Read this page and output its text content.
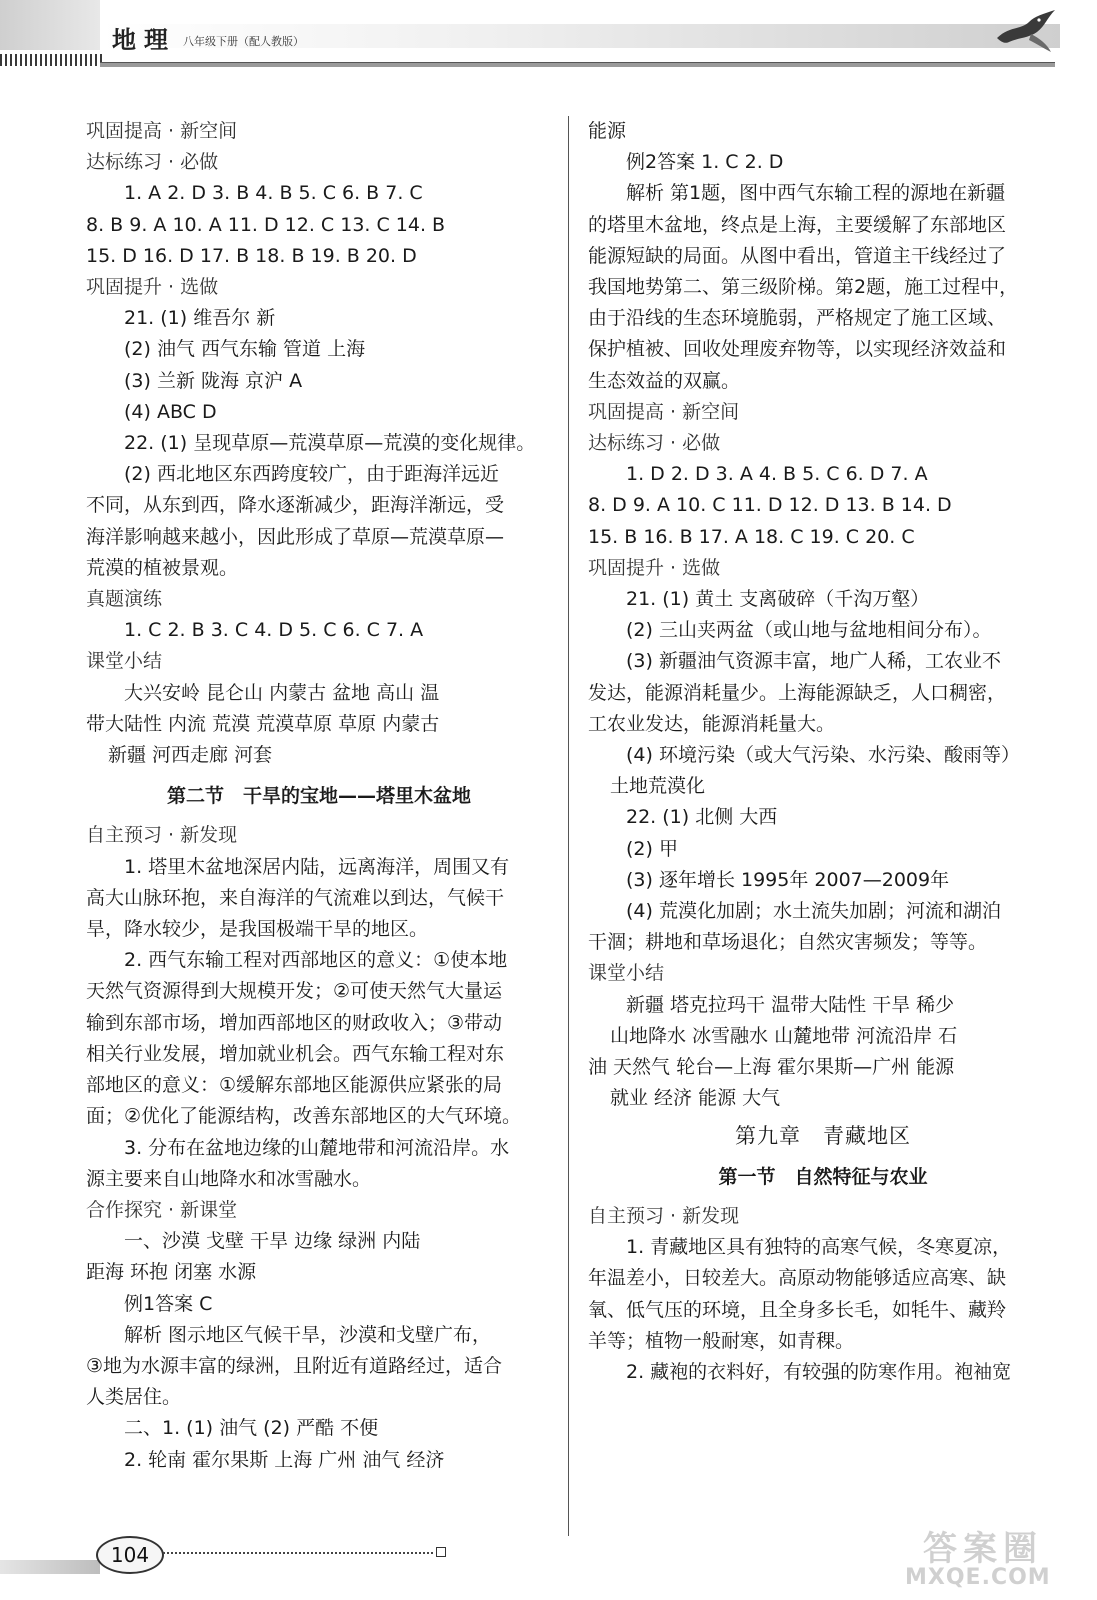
地理 八年级下册（配人教版）

巩固提高 · 新空间

达标练习 · 必做

1. A 2. D 3. B 4. B 5. C 6. B 7. C

8. B 9. A 10. A 11. D 12. C 13. C 14. B

15. D 16. D 17. B 18. B 19. B 20. D

巩固提升 · 选做

21. (1) 维吾尔 新

(2) 油气 西气东输 管道 上海

(3) 兰新 陇海 京沪 A

(4) ABC D

22. (1) 呈现草原—荒漠草原—荒漠的变化规律。

(2) 西北地区东西跨度较广，由于距海洋远近

不同，从东到西，降水逐渐减少，距海洋渐远，受

海洋影响越来越小，因此形成了草原—荒漠草原—

荒漠的植被景观。

真题演练

1. C 2. B 3. C 4. D 5. C 6. C 7. A

课堂小结

大兴安岭 昆仑山 内蒙古 盆地 高山 温

带大陆性 内流 荒漠 荒漠草原 草原 内蒙古

新疆 河西走廊 河套

第二节　干旱的宝地——塔里木盆地

自主预习 · 新发现

1. 塔里木盆地深居内陆，远离海洋，周围又有

高大山脉环抱，来自海洋的气流难以到达，气候干

旱，降水较少，是我国极端干旱的地区。

2. 西气东输工程对西部地区的意义：①使本地

天然气资源得到大规模开发；②可使天然气大量运

输到东部市场，增加西部地区的财政收入；③带动

相关行业发展，增加就业机会。西气东输工程对东

部地区的意义：①缓解东部地区能源供应紧张的局

面；②优化了能源结构，改善东部地区的大气环境。

3. 分布在盆地边缘的山麓地带和河流沿岸。水

源主要来自山地降水和冰雪融水。

合作探究 · 新课堂

一、沙漠 戈壁 干旱 边缘 绿洲 内陆

距海 环抱 闭塞 水源

例1答案 C

解析 图示地区气候干旱，沙漠和戈壁广布，

③地为水源丰富的绿洲，且附近有道路经过，适合

人类居住。

二、1. (1) 油气 (2) 严酷 不便

2. 轮南 霍尔果斯 上海 广州 油气 经济

能源

例2答案 1. C 2. D

解析 第1题，图中西气东输工程的源地在新疆

的塔里木盆地，终点是上海，主要缓解了东部地区

能源短缺的局面。从图中看出，管道主干线经过了

我国地势第二、第三级阶梯。第2题，施工过程中，

由于沿线的生态环境脆弱，严格规定了施工区域、

保护植被、回收处理废弃物等，以实现经济效益和

生态效益的双赢。

巩固提高 · 新空间

达标练习 · 必做

1. D 2. D 3. A 4. B 5. C 6. D 7. A

8. D 9. A 10. C 11. D 12. D 13. B 14. D

15. B 16. B 17. A 18. C 19. C 20. C

巩固提升 · 选做

21. (1) 黄土 支离破碎（千沟万壑）

(2) 三山夹两盆（或山地与盆地相间分布）。

(3) 新疆油气资源丰富，地广人稀，工农业不

发达，能源消耗量少。上海能源缺乏，人口稠密，

工农业发达，能源消耗量大。

(4) 环境污染（或大气污染、水污染、酸雨等）

土地荒漠化

22. (1) 北侧 大西

(2) 甲

(3) 逐年增长 1995年 2007—2009年

(4) 荒漠化加剧；水土流失加剧；河流和湖泊

干涸；耕地和草场退化；自然灾害频发；等等。

课堂小结

新疆 塔克拉玛干 温带大陆性 干旱 稀少

山地降水 冰雪融水 山麓地带 河流沿岸 石

油 天然气 轮台—上海 霍尔果斯—广州 能源

就业 经济 能源 大气

第九章　青藏地区

第一节　自然特征与农业

自主预习 · 新发现

1. 青藏地区具有独特的高寒气候，冬寒夏凉，

年温差小，日较差大。高原动物能够适应高寒、缺

氧、低气压的环境，且全身多长毛，如牦牛、藏羚

羊等；植物一般耐寒，如青稞。

2. 藏袍的衣料好，有较强的防寒作用。袍袖宽

104	答案圈
MXQE.COM
